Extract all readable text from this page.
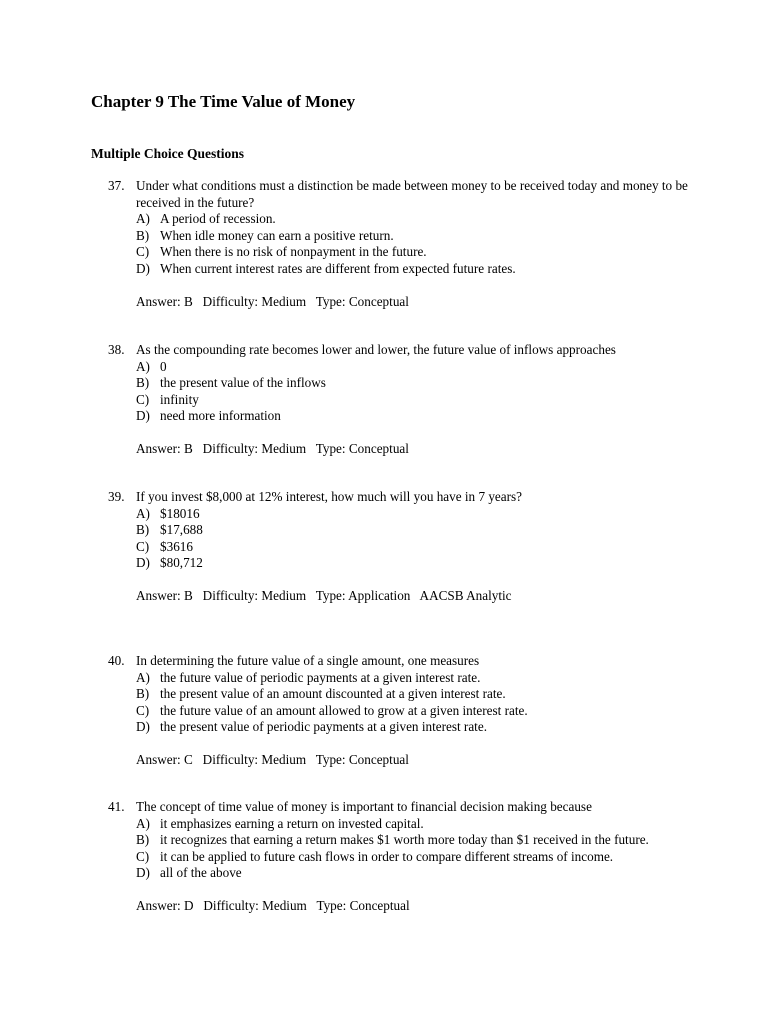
Chapter 9 The Time Value of Money
Multiple Choice Questions
37. Under what conditions must a distinction be made between money to be received today and money to be received in the future?
A) A period of recession.
B) When idle money can earn a positive return.
C) When there is no risk of nonpayment in the future.
D) When current interest rates are different from expected future rates.
Answer: B   Difficulty: Medium   Type: Conceptual
38. As the compounding rate becomes lower and lower, the future value of inflows approaches
A) 0
B) the present value of the inflows
C) infinity
D) need more information
Answer: B   Difficulty: Medium   Type: Conceptual
39. If you invest $8,000 at 12% interest, how much will you have in 7 years?
A) $18016
B) $17,688
C) $3616
D) $80,712
Answer: B   Difficulty: Medium   Type: Application   AACSB Analytic
40. In determining the future value of a single amount, one measures
A) the future value of periodic payments at a given interest rate.
B) the present value of an amount discounted at a given interest rate.
C) the future value of an amount allowed to grow at a given interest rate.
D) the present value of periodic payments at a given interest rate.
Answer: C   Difficulty: Medium   Type: Conceptual
41. The concept of time value of money is important to financial decision making because
A) it emphasizes earning a return on invested capital.
B) it recognizes that earning a return makes $1 worth more today than $1 received in the future.
C) it can be applied to future cash flows in order to compare different streams of income.
D) all of the above
Answer: D   Difficulty: Medium   Type: Conceptual
